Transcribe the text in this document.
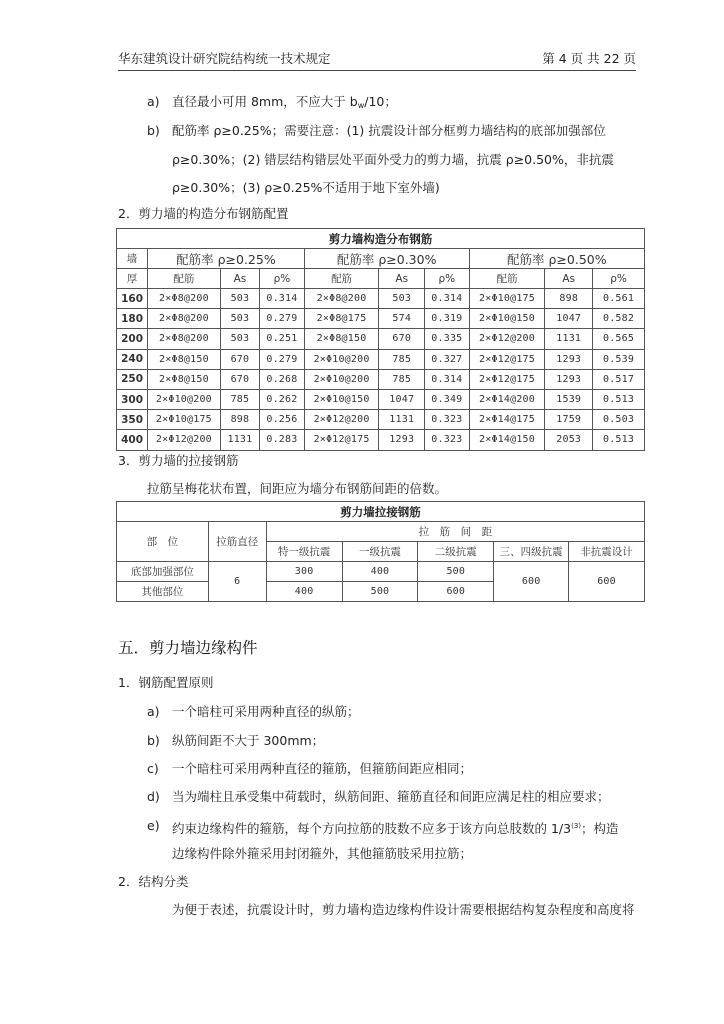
华东建筑设计研究院结构统一技术规定	第 4 页 共 22 页
a) 直径最小可用 8mm，不应大于 $b_w/10$；
b) 配筋率 ρ≥0.25%；需要注意：(1) 抗震设计部分框剪力墙结构的底部加强部位
ρ≥0.30%；(2) 错层结构错层处平面外受力的剪力墙，抗震 ρ≥0.50%，非抗震
ρ≥0.30%；(3) ρ≥0.25%不适用于地下室外墙)
2．剪力墙的构造分布钢筋配置
剪力墙构造分布钢筋									
墙	配筋率 ρ≥0.25%			配筋率 ρ≥0.30%			配筋率 ρ≥0.50%		
厚	配筋	As	ρ%	配筋	As	ρ%	配筋	As	ρ%
160	2×Φ8@200	503	0.314	2×Φ8@200	503	0.314	2×Φ10@175	898	0.561
180	2×Φ8@200	503	0.279	2×Φ8@175	574	0.319	2×Φ10@150	1047	0.582
200	2×Φ8@200	503	0.251	2×Φ8@150	670	0.335	2×Φ12@200	1131	0.565
240	2×Φ8@150	670	0.279	2×Φ10@200	785	0.327	2×Φ12@175	1293	0.539
250	2×Φ8@150	670	0.268	2×Φ10@200	785	0.314	2×Φ12@175	1293	0.517
300	2×Φ10@200	785	0.262	2×Φ10@150	1047	0.349	2×Φ14@200	1539	0.513
350	2×Φ10@175	898	0.256	2×Φ12@200	1131	0.323	2×Φ14@175	1759	0.503
400	2×Φ12@200	1131	0.283	2×Φ12@175	1293	0.323	2×Φ14@150	2053	0.513
3．剪力墙的拉接钢筋
拉筋呈梅花状布置，间距应为墙分布钢筋间距的倍数。
剪力墙拉接钢筋						
部　位	拉筋直径	拉　筋　间　距				
		特一级抗震	一级抗震	二级抗震	三、四级抗震	非抗震设计
底部加强部位	6	300	400	500	600	600
其他部位		400	500	600		
五．剪力墙边缘构件
1．钢筋配置原则
a) 一个暗柱可采用两种直径的纵筋；
b) 纵筋间距不大于 300mm；
c) 一个暗柱可采用两种直径的箍筋，但箍筋间距应相同；
d) 当为端柱且承受集中荷载时，纵筋间距、箍筋直径和间距应满足柱的相应要求；
e) 约束边缘构件的箍筋，每个方向拉筋的肢数不应多于该方向总肢数的 1/3$^{(3)}$；构造
边缘构件除外箍采用封闭箍外，其他箍筋肢采用拉筋；
2．结构分类
为便于表述，抗震设计时，剪力墙构造边缘构件设计需要根据结构复杂程度和高度将
